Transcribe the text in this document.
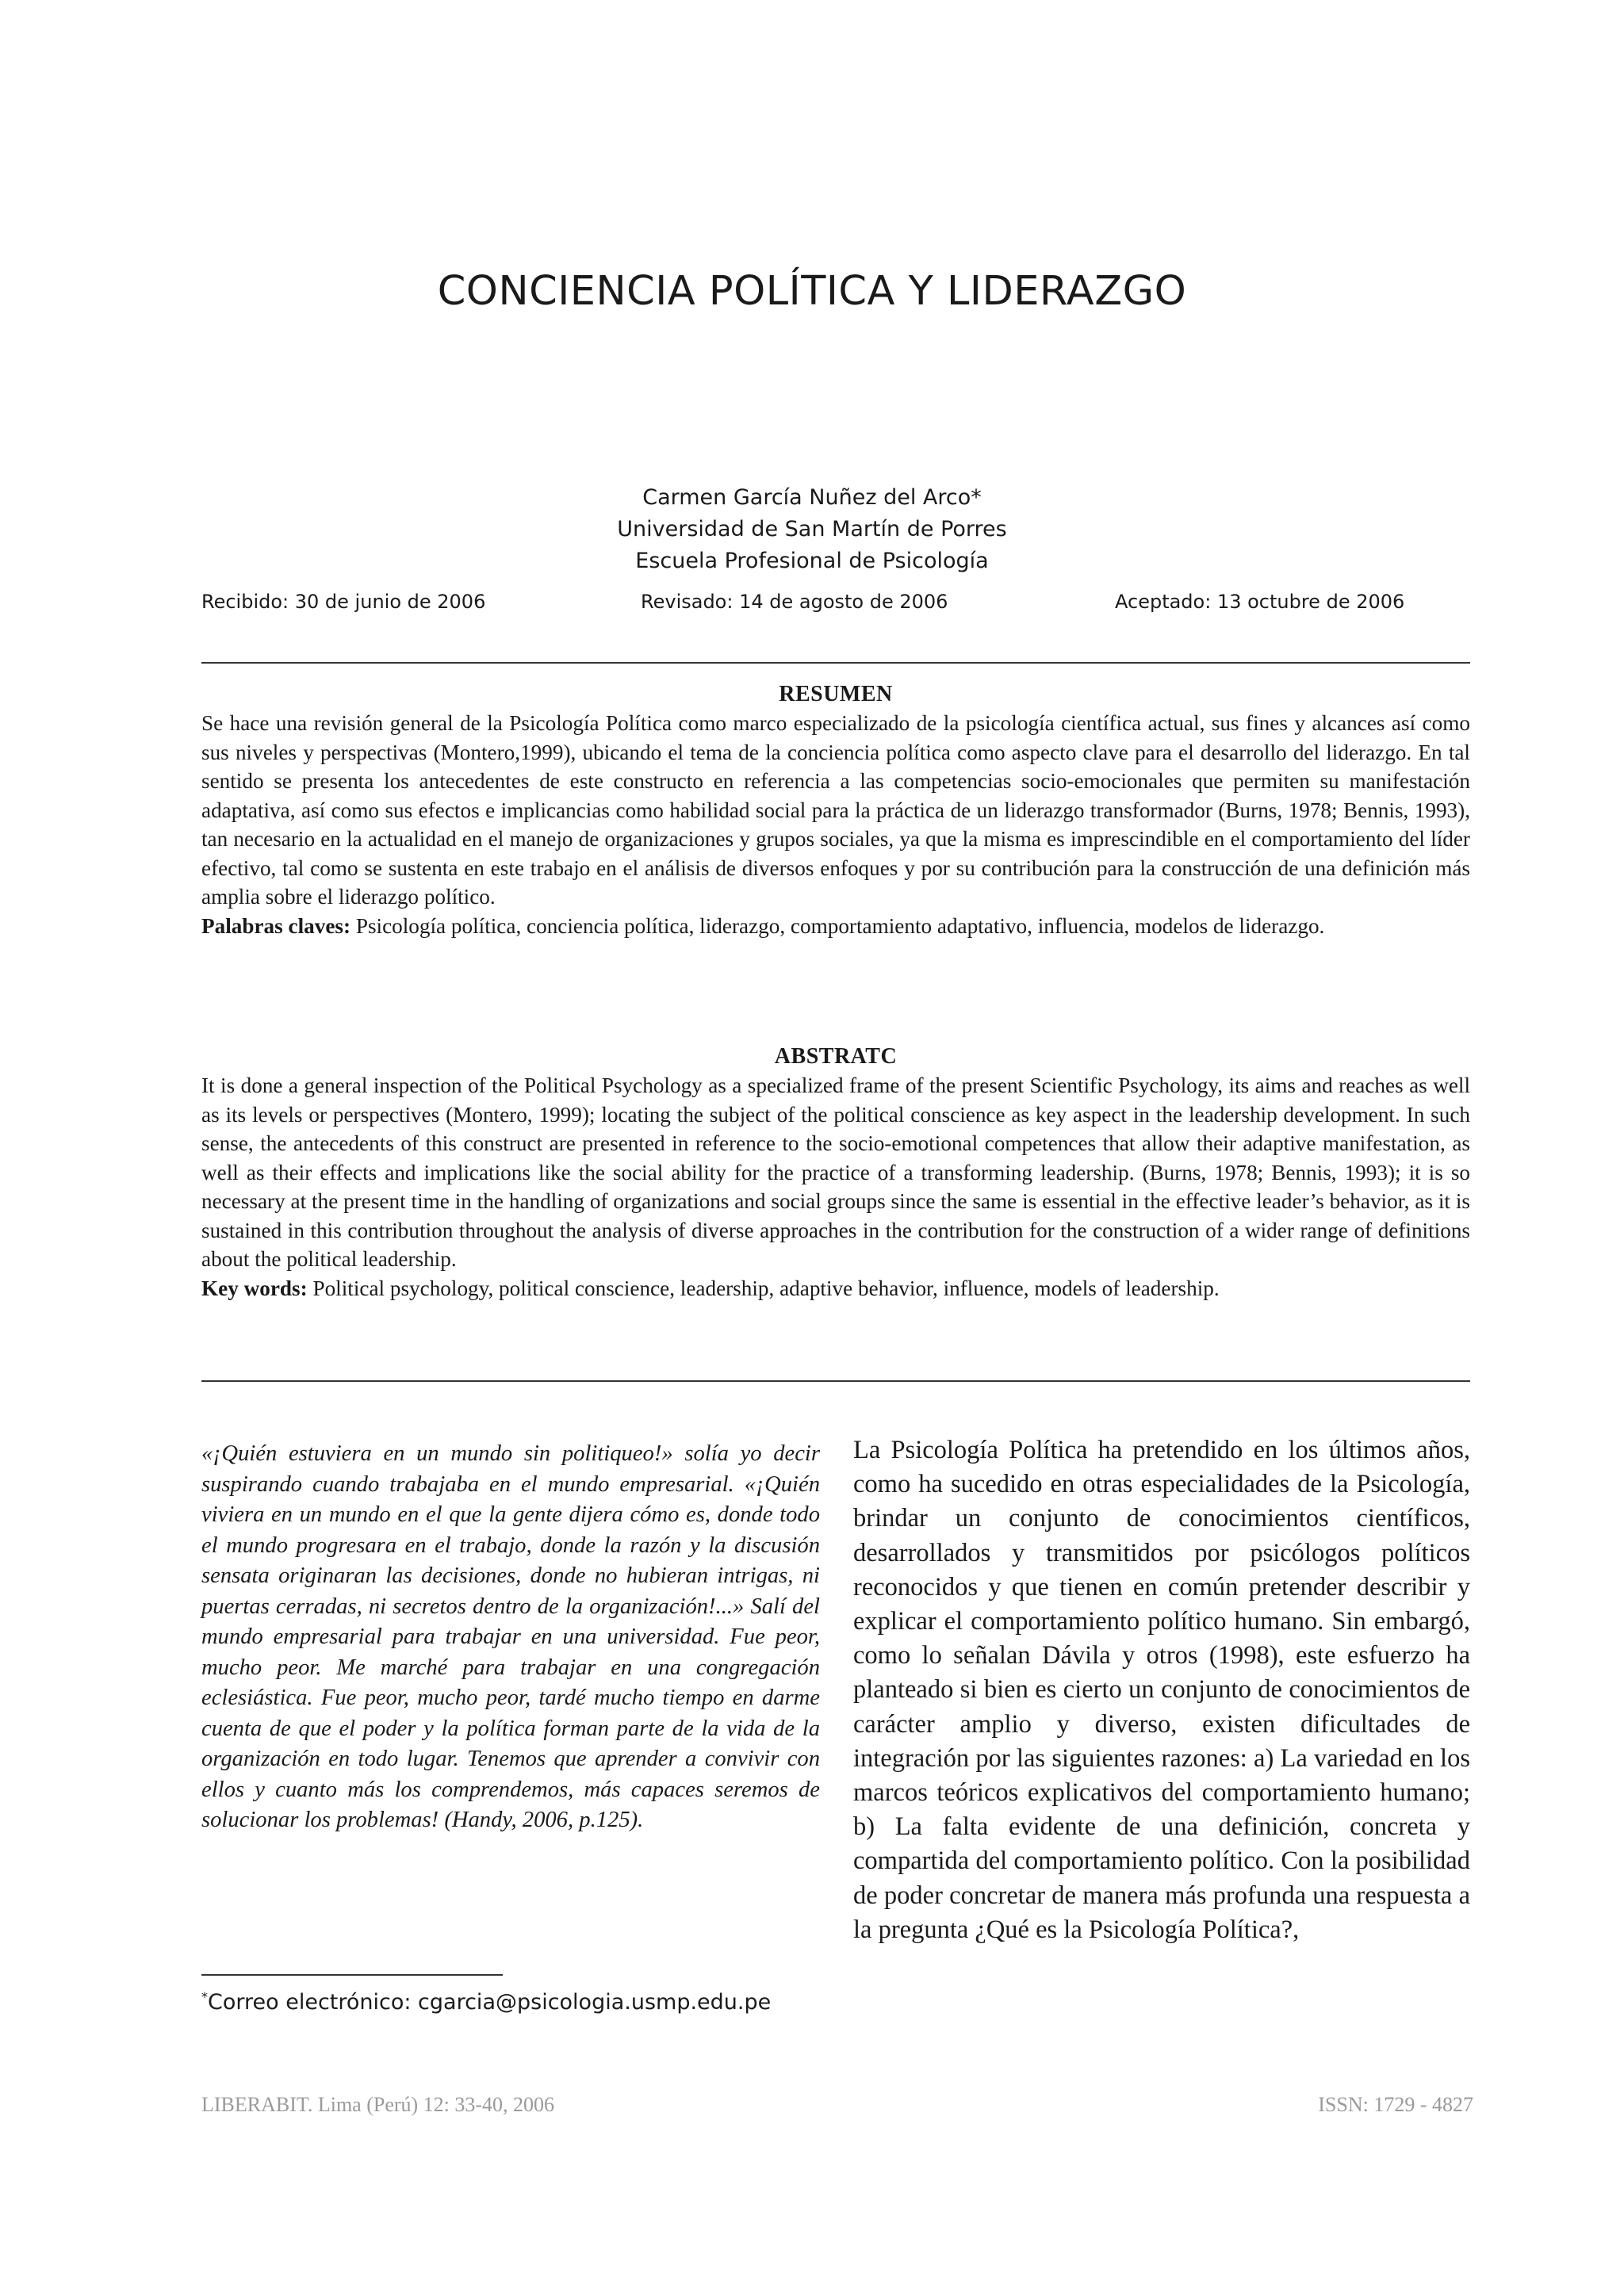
CONCIENCIA POLÍTICA Y LIDERAZGO
Carmen García Nuñez del Arco*
Universidad de San Martín de Porres
Escuela Profesional de Psicología
Recibido: 30 de junio de 2006	Revisado: 14 de agosto de 2006	Aceptado: 13 octubre de 2006
RESUMEN

Se hace una revisión general de la Psicología Política como marco especializado de la psicología científica actual, sus fines y alcances así como sus niveles y perspectivas (Montero,1999), ubicando el tema de la conciencia política como aspecto clave para el desarrollo del liderazgo. En tal sentido se presenta los antecedentes de este constructo en referencia a las competencias socio-emocionales que permiten su manifestación adaptativa, así como sus efectos e implicancias como habilidad social para la práctica de un liderazgo transformador (Burns, 1978; Bennis, 1993), tan necesario en la actualidad en el manejo de organizaciones y grupos sociales, ya que la misma es imprescindible en el comportamiento del líder efectivo, tal como se sustenta en este trabajo en el análisis de diversos enfoques y por su contribución para la construcción de una definición más amplia sobre el liderazgo político.

Palabras claves: Psicología política, conciencia política, liderazgo, comportamiento adaptativo, influencia, modelos de liderazgo.

ABSTRATC

It is done a general inspection of the Political Psychology as a specialized frame of the present Scientific Psychology, its aims and reaches as well as its levels or perspectives (Montero, 1999); locating the subject of the political conscience as key aspect in the leadership development. In such sense, the antecedents of this construct are presented in reference to the socio-emotional competences that allow their adaptive manifestation, as well as their effects and implications like the social ability for the practice of a transforming leadership. (Burns, 1978; Bennis, 1993); it is so necessary at the present time in the handling of organizations and social groups since the same is essential in the effective leader’s behavior, as it is sustained in this contribution throughout the analysis of diverse approaches in the contribution for the construction of a wider range of definitions about the political leadership.

Key words: Political psychology, political conscience, leadership, adaptive behavior, influence, models of leadership.

«¡Quién estuviera en un mundo sin politiqueo!» solía yo decir suspirando cuando trabajaba en el mundo empresarial. «¡Quién viviera en un mundo en el que la gente dijera cómo es, donde todo el mundo progresara en el trabajo, donde la razón y la discusión sensata originaran las decisiones, donde no hubieran intrigas, ni puertas cerradas, ni secretos dentro de la organización!...» Salí del mundo empresarial para trabajar en una universidad. Fue peor, mucho peor. Me marché para trabajar en una congregación eclesiástica. Fue peor, mucho peor, tardé mucho tiempo en darme cuenta de que el poder y la política forman parte de la vida de la organización en todo lugar. Tenemos que aprender a convivir con ellos y cuanto más los comprendemos, más capaces seremos de solucionar los problemas! (Handy, 2006, p.125).
La Psicología Política ha pretendido en los últimos años, como ha sucedido en otras especialidades de la Psicología, brindar un conjunto de conocimientos científicos, desarrollados y transmitidos por psicólogos políticos reconocidos y que tienen en común pretender describir y explicar el comportamiento político humano. Sin embargó, como lo señalan Dávila y otros (1998), este esfuerzo ha planteado si bien es cierto un conjunto de conocimientos de carácter amplio y diverso, existen dificultades de integración por las siguientes razones: a) La variedad en los marcos teóricos explicativos del comportamiento humano; b) La falta evidente de una definición, concreta y compartida del comportamiento político. Con la posibilidad de poder concretar de manera más profunda una respuesta a la pregunta ¿Qué es la Psicología Política?,
*Correo electrónico: cgarcia@psicologia.usmp.edu.pe
LIBERABIT. Lima (Perú) 12: 33-40, 2006	ISSN: 1729 - 4827
